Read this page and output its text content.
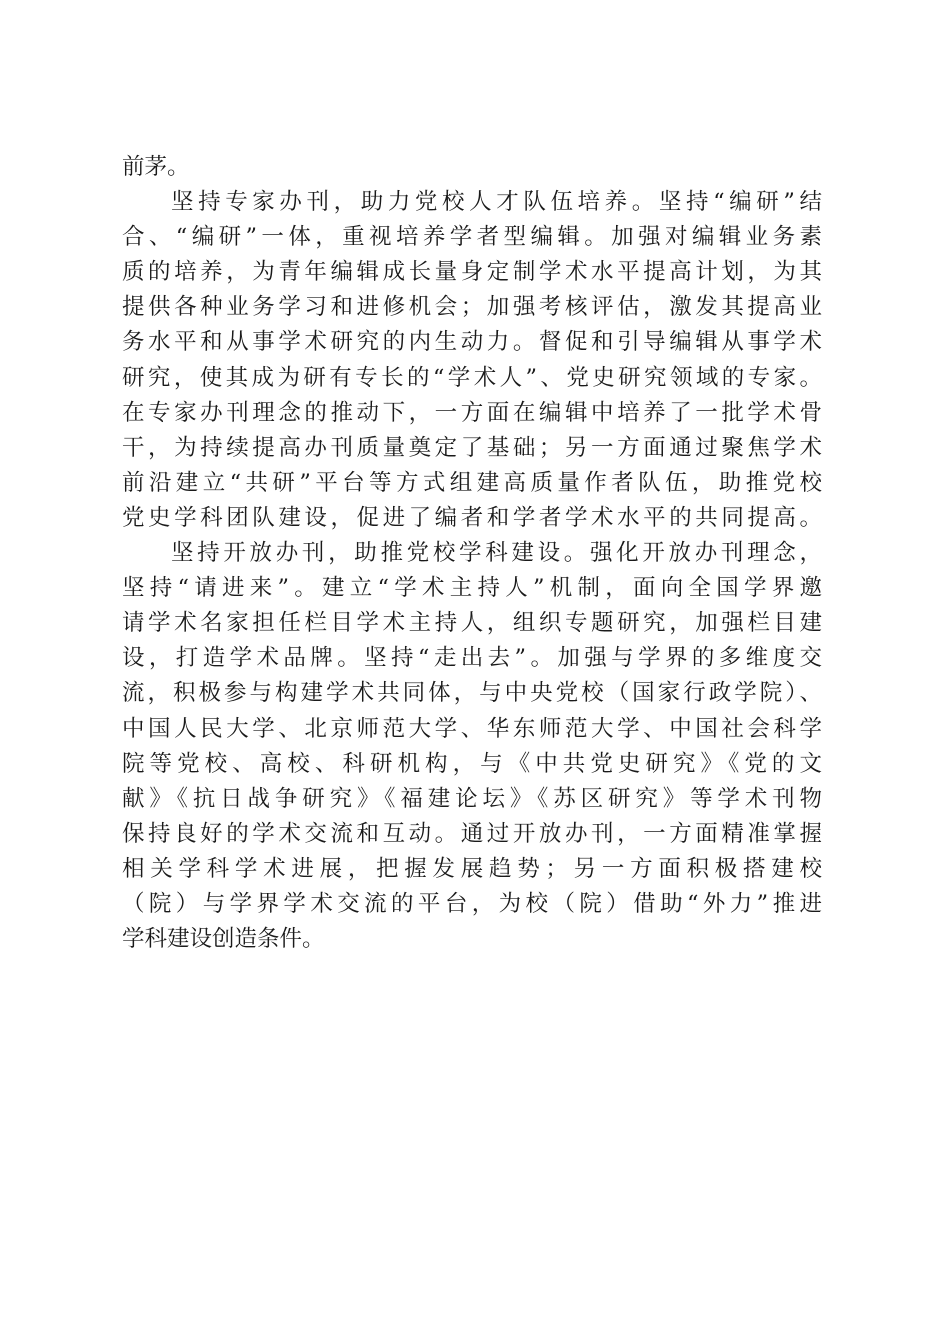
前茅。
坚持专家办刊，助力党校人才队伍培养。坚持“编研”结
合、“编研”一体，重视培养学者型编辑。加强对编辑业务素
质的培养，为青年编辑成长量身定制学术水平提高计划，为其
提供各种业务学习和进修机会；加强考核评估，激发其提高业
务水平和从事学术研究的内生动力。督促和引导编辑从事学术
研究，使其成为研有专长的“学术人”、党史研究领域的专家。
在专家办刊理念的推动下，一方面在编辑中培养了一批学术骨
干，为持续提高办刊质量奠定了基础；另一方面通过聚焦学术
前沿建立“共研”平台等方式组建高质量作者队伍，助推党校
党史学科团队建设，促进了编者和学者学术水平的共同提高。
坚持开放办刊，助推党校学科建设。强化开放办刊理念，
坚持“请进来”。建立“学术主持人”机制，面向全国学界邀
请学术名家担任栏目学术主持人，组织专题研究，加强栏目建
设，打造学术品牌。坚持“走出去”。加强与学界的多维度交
流，积极参与构建学术共同体，与中央党校（国家行政学院）、
中国人民大学、北京师范大学、华东师范大学、中国社会科学
院等党校、高校、科研机构，与《中共党史研究》《党的文
献》《抗日战争研究》《福建论坛》《苏区研究》等学术刊物
保持良好的学术交流和互动。通过开放办刊，一方面精准掌握
相关学科学术进展，把握发展趋势；另一方面积极搭建校
（院）与学界学术交流的平台，为校（院）借助“外力”推进
学科建设创造条件。
